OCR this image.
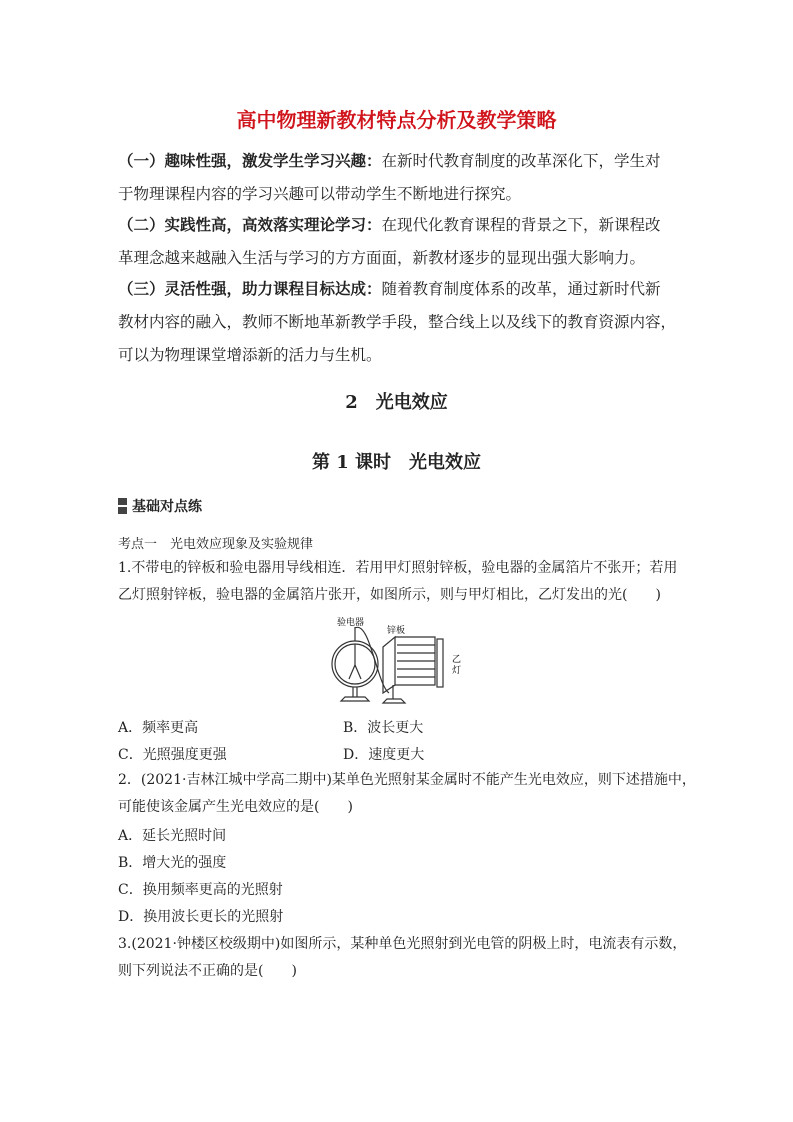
高中物理新教材特点分析及教学策略
（一）趣味性强，激发学生学习兴趣：在新时代教育制度的改革深化下，学生对
于物理课程内容的学习兴趣可以带动学生不断地进行探究。
（二）实践性高，高效落实理论学习：在现代化教育课程的背景之下，新课程改
革理念越来越融入生活与学习的方方面面，新教材逐步的显现出强大影响力。
（三）灵活性强，助力课程目标达成：随着教育制度体系的改革，通过新时代新
教材内容的融入，教师不断地革新教学手段，整合线上以及线下的教育资源内容，
可以为物理课堂增添新的活力与生机。
2　光电效应
第 1 课时　光电效应
基础对点练
考点一　光电效应现象及实验规律
1.不带电的锌板和验电器用导线相连．若用甲灯照射锌板，验电器的金属箔片不张开；若用
乙灯照射锌板，验电器的金属箔片张开，如图所示，则与甲灯相比，乙灯发出的光(　　)
验电器
锌板
乙
灯
A．频率更高	B．波长更大
C．光照强度更强	D．速度更大
2．(2021·吉林江城中学高二期中)某单色光照射某金属时不能产生光电效应，则下述措施中，
可能使该金属产生光电效应的是(　　)
A．延长光照时间
B．增大光的强度
C．换用频率更高的光照射
D．换用波长更长的光照射
3.(2021·钟楼区校级期中)如图所示，某种单色光照射到光电管的阴极上时，电流表有示数，
则下列说法不正确的是(　　)
